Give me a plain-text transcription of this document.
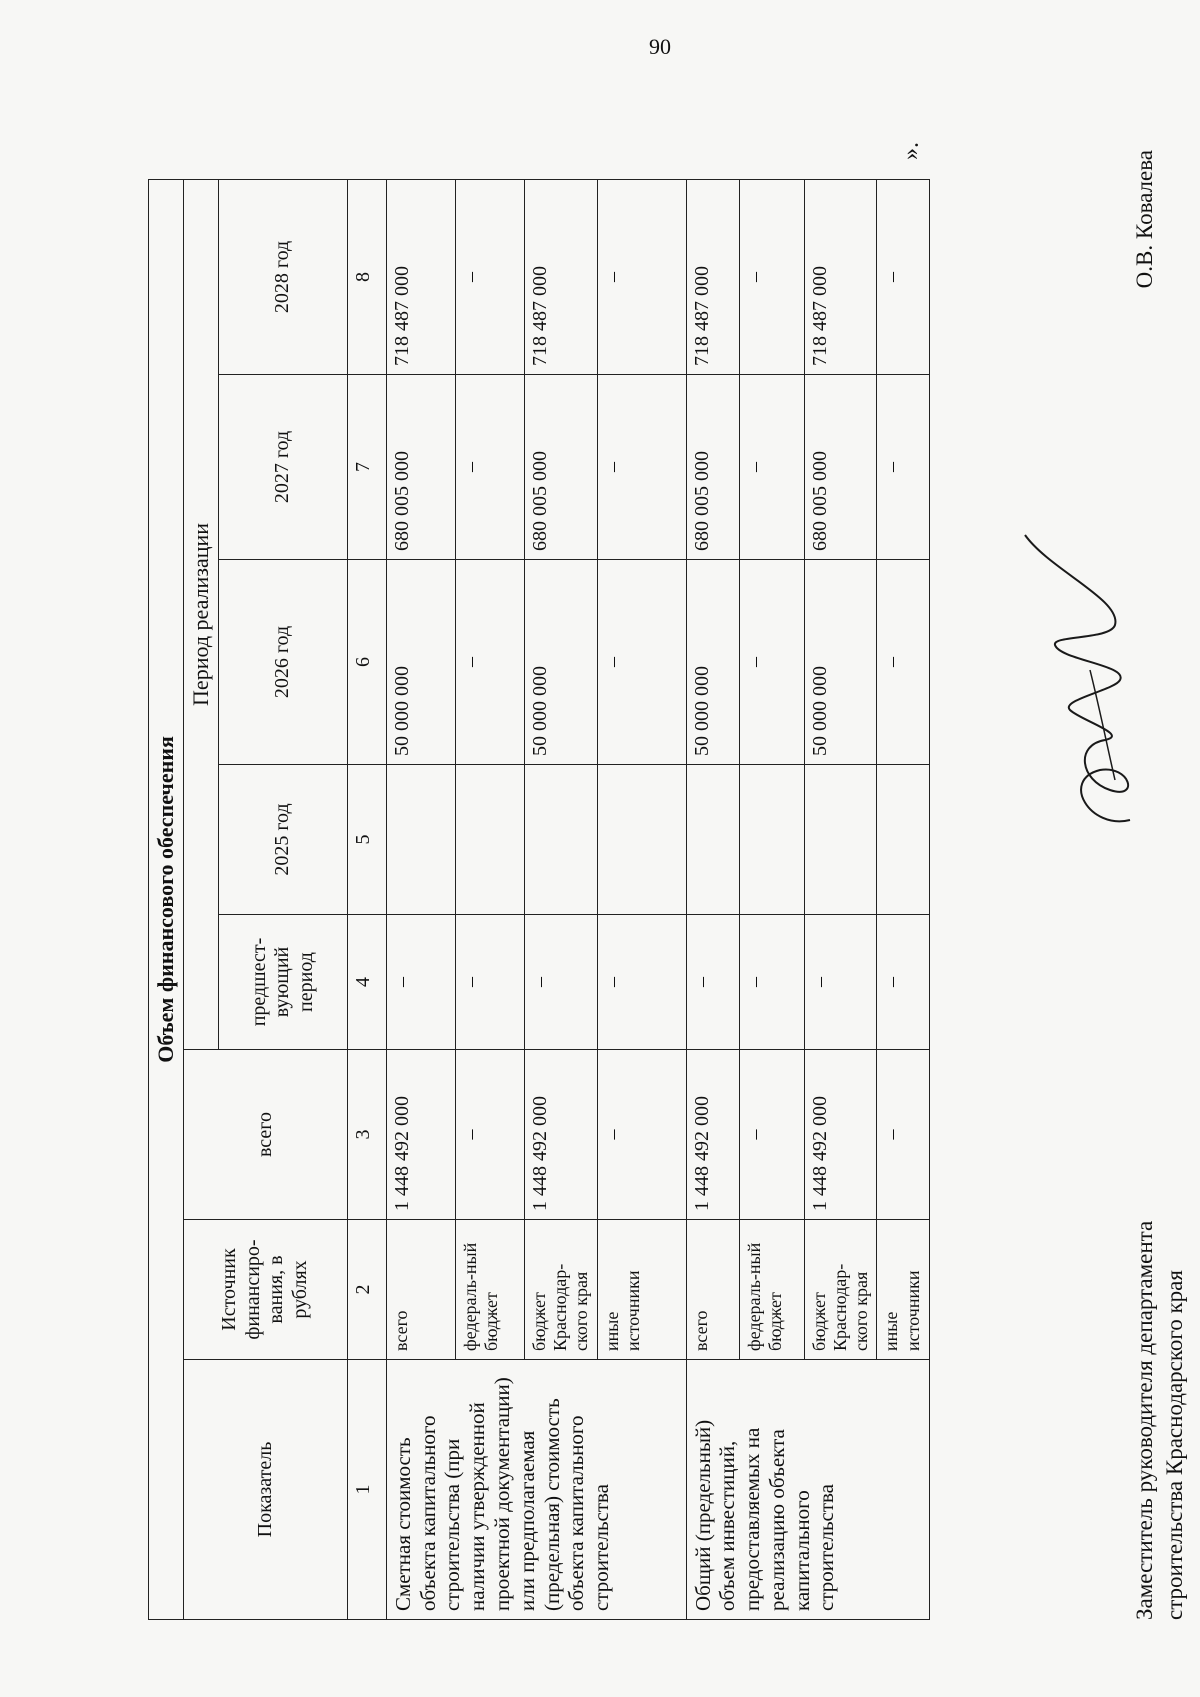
90
Объем финансового обеспечения							
Показатель	Источник финансиро-вания, в рублях	всего	Период реализации				
			предшест-вующий период	2025 год	2026 год	2027 год	2028 год
1	2	3	4	5	6	7	8
Сметная стоимость объекта капитального строительства (при наличии утвержденной проектной документации) или предполагаемая (предельная) стоимость объекта капитального строительства	всего	1 448 492 000	–		50 000 000	680 005 000	718 487 000
	федераль-ный бюджет	–	–		–	–	–
	бюджет Краснодар-ского края	1 448 492 000	–		50 000 000	680 005 000	718 487 000
	иные источники	–	–		–	–	–
Общий (предельный) объем инвестиций, предоставляемых на реализацию объекта капитального строительства	всего	1 448 492 000	–		50 000 000	680 005 000	718 487 000
	федераль-ный бюджет	–	–		–	–	–
	бюджет Краснодар-ского края	1 448 492 000	–		50 000 000	680 005 000	718 487 000
	иные источники	–	–		–	–	–
».
Заместитель руководителя департамента строительства Краснодарского края
О.В. Ковалева
